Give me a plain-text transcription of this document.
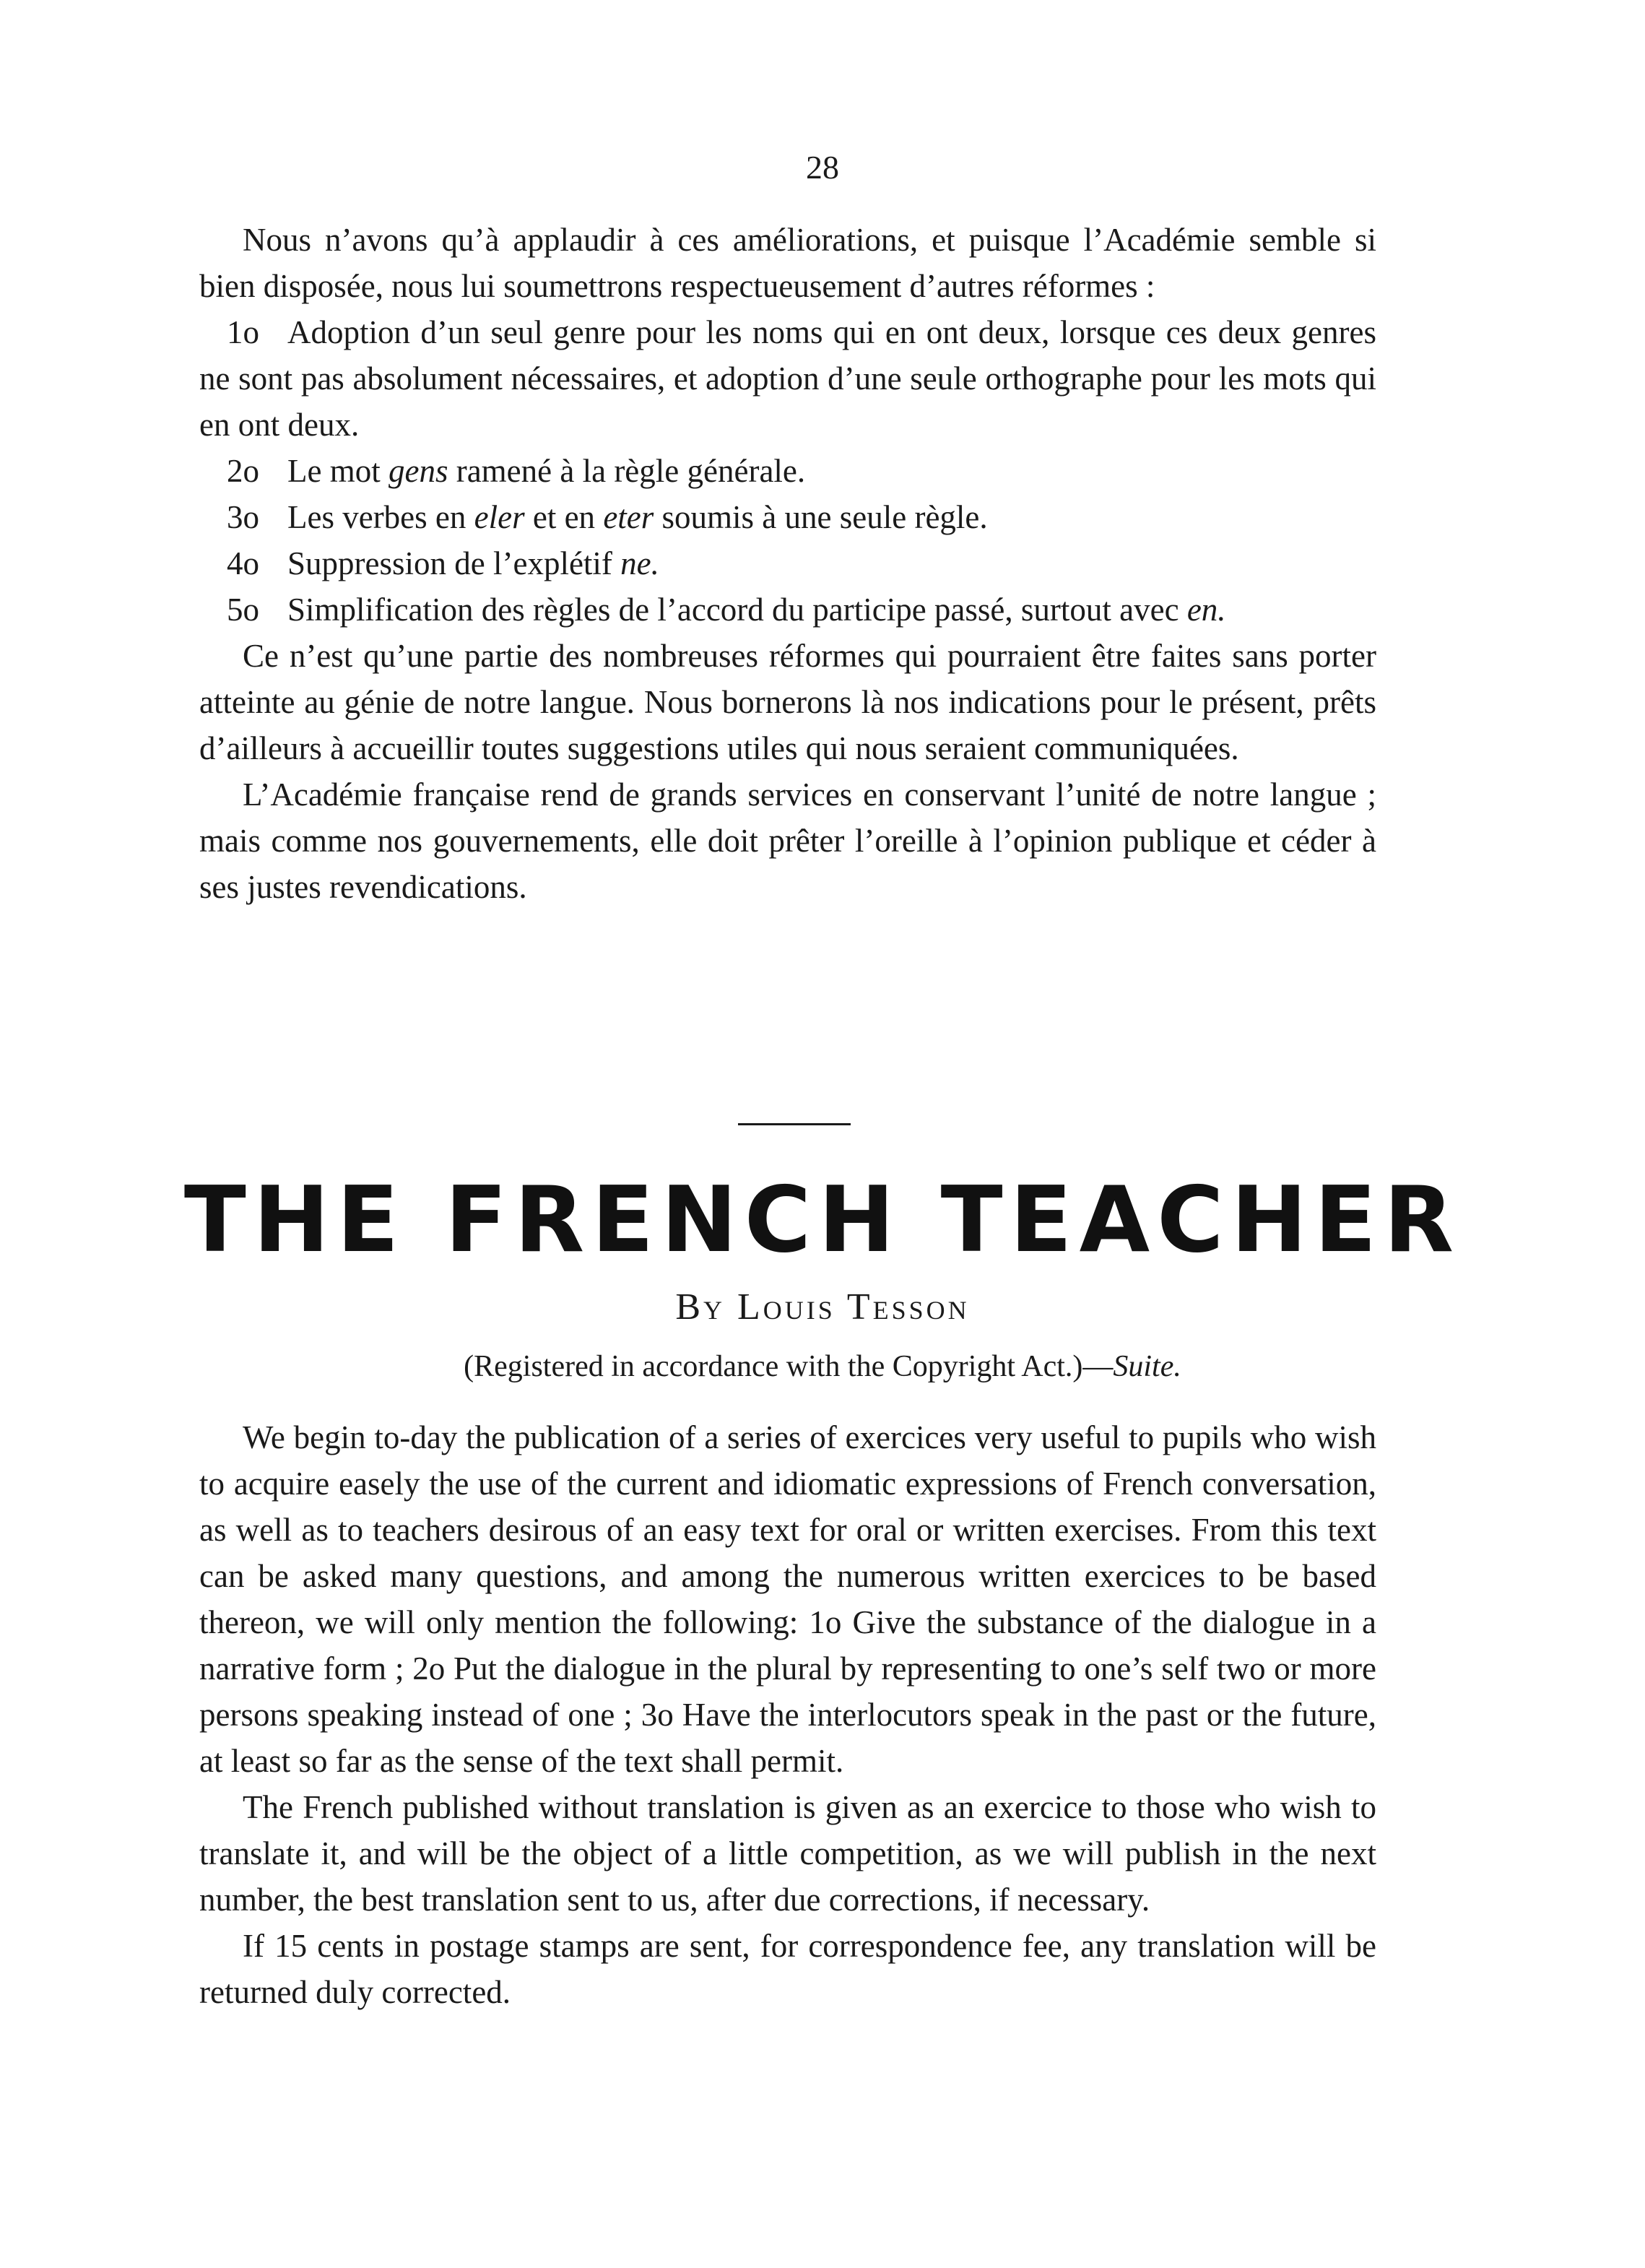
28

Nous n’avons qu’à applaudir à ces améliorations, et puisque l’Académie semble si bien disposée, nous lui soumettrons respectueusement d’autres réformes :

1o Adoption d’un seul genre pour les noms qui en ont deux, lorsque ces deux genres ne sont pas absolument nécessaires, et adoption d’une seule orthographe pour les mots qui en ont deux.

2o Le mot gens ramené à la règle générale.

3o Les verbes en eler et en eter soumis à une seule règle.

4o Suppression de l’explétif ne.

5o Simplification des règles de l’accord du participe passé, surtout avec en.

Ce n’est qu’une partie des nombreuses réformes qui pourraient être faites sans porter atteinte au génie de notre langue. Nous bornerons là nos indications pour le présent, prêts d’ailleurs à accueillir toutes suggestions utiles qui nous seraient communiquées.

L’Académie française rend de grands services en conservant l’unité de notre langue ; mais comme nos gouvernements, elle doit prêter l’oreille à l’opinion publique et céder à ses justes revendications.

THE FRENCH TEACHER
By Louis Tesson
(Registered in accordance with the Copyright Act.)—Suite.

We begin to-day the publication of a series of exercices very useful to pupils who wish to acquire easely the use of the current and idiomatic expressions of French conversation, as well as to teachers desirous of an easy text for oral or written exercises. From this text can be asked many questions, and among the numerous written exercices to be based thereon, we will only mention the following: 1o Give the substance of the dialogue in a narrative form ; 2o Put the dialogue in the plural by representing to one’s self two or more persons speaking instead of one ; 3o Have the interlocutors speak in the past or the future, at least so far as the sense of the text shall permit.

The French published without translation is given as an exercice to those who wish to translate it, and will be the object of a little competition, as we will publish in the next number, the best translation sent to us, after due corrections, if necessary.

If 15 cents in postage stamps are sent, for correspondence fee, any translation will be returned duly corrected.
